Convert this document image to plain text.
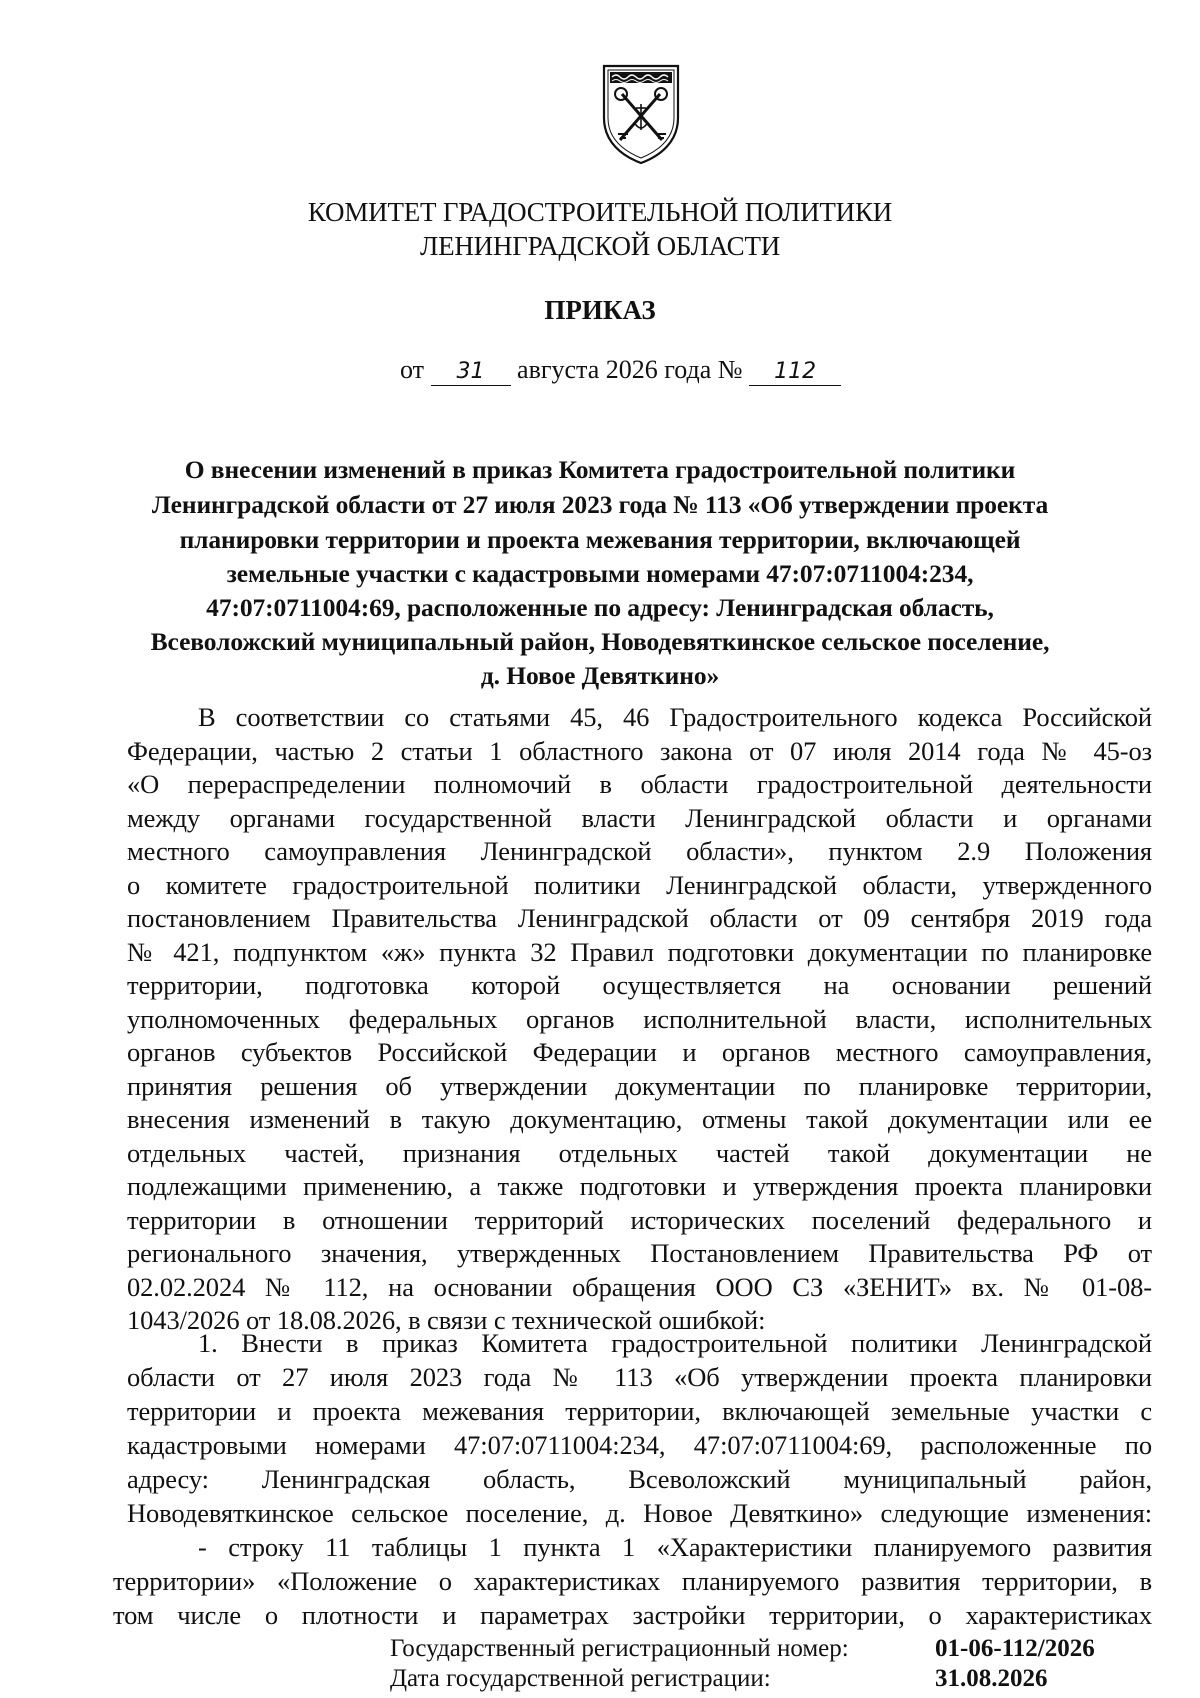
КОМИТЕТ ГРАДОСТРОИТЕЛЬНОЙ ПОЛИТИКИ
ЛЕНИНГРАДСКОЙ ОБЛАСТИ
ПРИКАЗ
от 31 августа 2026 года № 112
О внесении изменений в приказ Комитета градостроительной политики
Ленинградской области от 27 июля 2023 года № 113 «Об утверждении проекта
планировки территории и проекта межевания территории, включающей
земельные участки с кадастровыми номерами 47:07:0711004:234,
47:07:0711004:69, расположенные по адресу: Ленинградская область,
Всеволожский муниципальный район, Новодевяткинское сельское поселение,
д. Новое Девяткино»
В соответствии со статьями 45, 46 Градостроительного кодекса Российской
Федерации, частью 2 статьи 1 областного закона от 07 июля 2014 года № 45-оз
«О перераспределении полномочий в области градостроительной деятельности
между органами государственной власти Ленинградской области и органами
местного самоуправления Ленинградской области», пунктом 2.9 Положения
о комитете градостроительной политики Ленинградской области, утвержденного
постановлением Правительства Ленинградской области от 09 сентября 2019 года
№ 421, подпунктом «ж» пункта 32 Правил подготовки документации по планировке
территории, подготовка которой осуществляется на основании решений
уполномоченных федеральных органов исполнительной власти, исполнительных
органов субъектов Российской Федерации и органов местного самоуправления,
принятия решения об утверждении документации по планировке территории,
внесения изменений в такую документацию, отмены такой документации или ее
отдельных частей, признания отдельных частей такой документации не
подлежащими применению, а также подготовки и утверждения проекта планировки
территории в отношении территорий исторических поселений федерального и
регионального значения, утвержденных Постановлением Правительства РФ от
02.02.2024 № 112, на основании обращения ООО СЗ «ЗЕНИТ» вх. № 01-08-
1043/2026 от 18.08.2026, в связи с технической ошибкой:
1. Внести в приказ Комитета градостроительной политики Ленинградской
области от 27 июля 2023 года № 113 «Об утверждении проекта планировки
территории и проекта межевания территории, включающей земельные участки с
кадастровыми номерами 47:07:0711004:234, 47:07:0711004:69, расположенные по
адресу: Ленинградская область, Всеволожский муниципальный район,
Новодевяткинское сельское поселение, д. Новое Девяткино» следующие изменения:
- строку 11 таблицы 1 пункта 1 «Характеристики планируемого развития
территории» «Положение о характеристиках планируемого развития территории, в
том числе о плотности и параметрах застройки территории, о характеристиках
Государственный регистрационный номер:	01-06-112/2026
Дата государственной регистрации:	31.08.2026
